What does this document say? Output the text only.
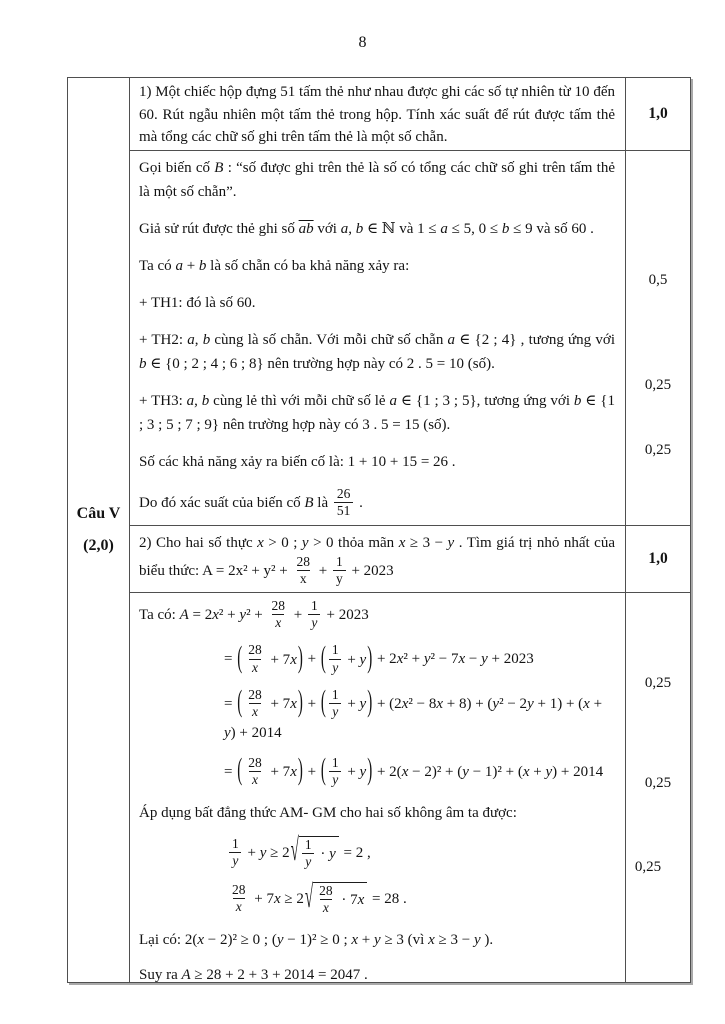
8
Câu V
(2,0)

1) Một chiếc hộp đựng 51 tấm thẻ như nhau được ghi các số tự nhiên từ 10 đến 60. Rút ngẫu nhiên một tấm thẻ trong hộp. Tính xác suất để rút được tấm thẻ mà tổng các chữ số ghi trên tấm thẻ là một số chẵn.

1,0

Gọi biến cố B : “số được ghi trên thẻ là số có tổng các chữ số ghi trên tấm thẻ là một số chẵn”.

Giả sử rút được thẻ ghi số $\overline{ab}$ với a, b ∈ ℕ và 1 ≤ a ≤ 5, 0 ≤ b ≤ 9 và số 60 .

Ta có a + b là số chẵn có ba khả năng xảy ra:

+ TH1: đó là số 60.

+ TH2: a, b cùng là số chẵn. Với mỗi chữ số chẵn a ∈ {2 ; 4} , tương ứng với b ∈ {0 ; 2 ; 4 ; 6 ; 8} nên trường hợp này có 2 . 5 = 10 (số).

+ TH3: a, b cùng lẻ thì với mỗi chữ số lẻ a ∈ {1 ; 3 ; 5}, tương ứng với b ∈ {1 ; 3 ; 5 ; 7 ; 9} nên trường hợp này có 3 . 5 = 15 (số).

Số các khả năng xảy ra biến cố là: 1 + 10 + 15 = 26 .

Do đó xác suất của biến cố B là $\frac{26}{51}$ .

0,5
0,25
0,25

2) Cho hai số thực x > 0 ; y > 0 thỏa mãn x ≥ 3 − y . Tìm giá trị nhỏ nhất của biểu thức: $A = 2x^2 + y^2 + \frac{28}{x} + \frac{1}{y} + 2023$

1,0

Ta có: $A = 2x^2 + y^2 + \frac{28}{x} + \frac{1}{y} + 2023$

= ( $\frac{28}{x} + 7x$) + ( $\frac{1}{y} + y) + 2x^2 + y^2 - 7x - y + 2023$

= ( $\frac{28}{x} + 7x$) + ( $\frac{1}{y} + y) + (2x^2 - 8x + 8) + (y^2 - 2y + 1) + (x + y) + 2014$

= ( $\frac{28}{x} + 7x$) + ( $\frac{1}{y} + y) + 2(x - 2)^2 + (y - 1)^2 + (x + y) + 2014$

Áp dụng bất đẳng thức AM- GM cho hai số không âm ta được:

$\frac{1}{y} + y \ge 2$ √ $\frac{1}{y} \cdot y = 2$ ,

$\frac{28}{x} + 7x \ge 2$ √ $\frac{28}{x} \cdot 7x = 28$ .

Lại có: 2(x − 2)² ≥ 0 ; (y − 1)² ≥ 0 ; x + y ≥ 3 (vì x ≥ 3 − y ).

Suy ra A ≥ 28 + 2 + 3 + 2014 = 2047 .

0,25
0,25
0,25
